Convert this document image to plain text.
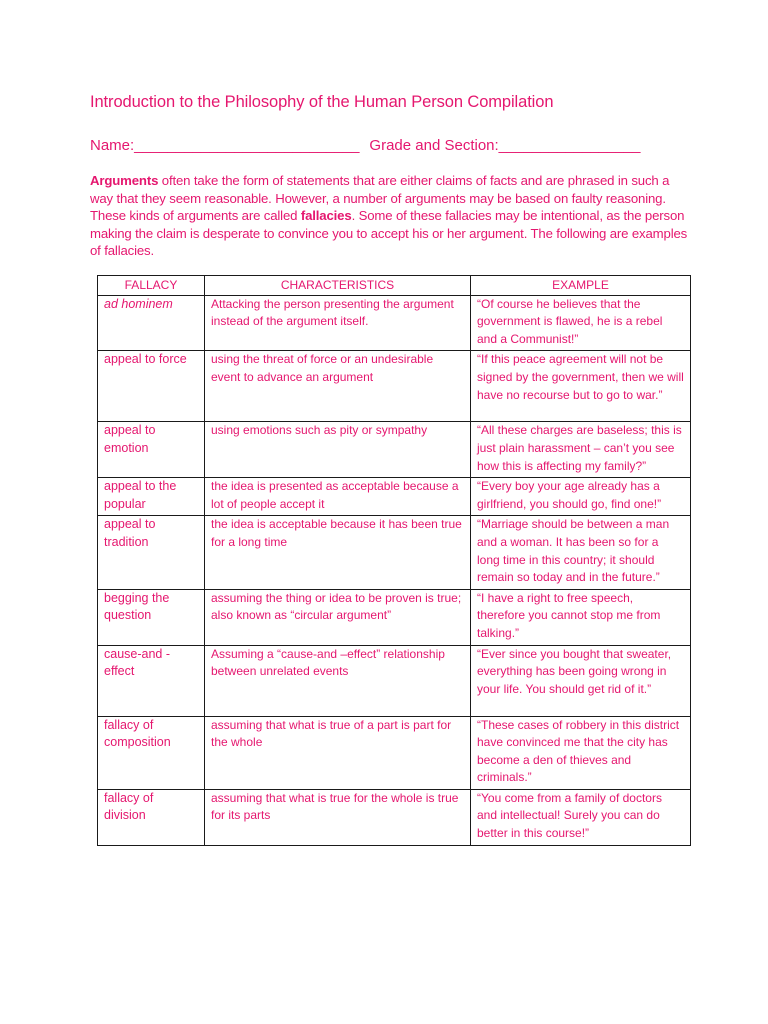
Introduction to the Philosophy of the Human Person Compilation
Name:___________________________ Grade and Section:_________________

Arguments often take the form of statements that are either claims of facts and are phrased in such a way that they seem reasonable. However, a number of arguments may be based on faulty reasoning. These kinds of arguments are called fallacies. Some of these fallacies may be intentional, as the person making the claim is desperate to convince you to accept his or her argument. The following are examples of fallacies.

FALLACY	CHARACTERISTICS	EXAMPLE
ad hominem	Attacking the person presenting the argument instead of the argument itself.	“Of course he believes that the government is flawed, he is a rebel and a Communist!”
appeal to force	using the threat of force or an undesirable event to advance an argument	“If this peace agreement will not be signed by the government, then we will have no recourse but to go to war.”
appeal to emotion	using emotions such as pity or sympathy	“All these charges are baseless; this is just plain harassment – can’t you see how this is affecting my family?”
appeal to the popular	the idea is presented as acceptable because a lot of people accept it	“Every boy your age already has a girlfriend, you should go, find one!”
appeal to tradition	the idea is acceptable because it has been true for a long time	“Marriage should be between a man and a woman. It has been so for a long time in this country; it should remain so today and in the future.”
begging the question	assuming the thing or idea to be proven is true; also known as “circular argument”	“I have a right to free speech, therefore you cannot stop me from talking.”
cause-and - effect	Assuming a “cause-and –effect” relationship between unrelated events	“Ever since you bought that sweater, everything has been going wrong in your life. You should get rid of it.”
fallacy of composition	assuming that what is true of a part is part for the whole	“These cases of robbery in this district have convinced me that the city has become a den of thieves and criminals.”
fallacy of division	assuming that what is true for the whole is true for its parts	“You come from a family of doctors and intellectual! Surely you can do better in this course!”
